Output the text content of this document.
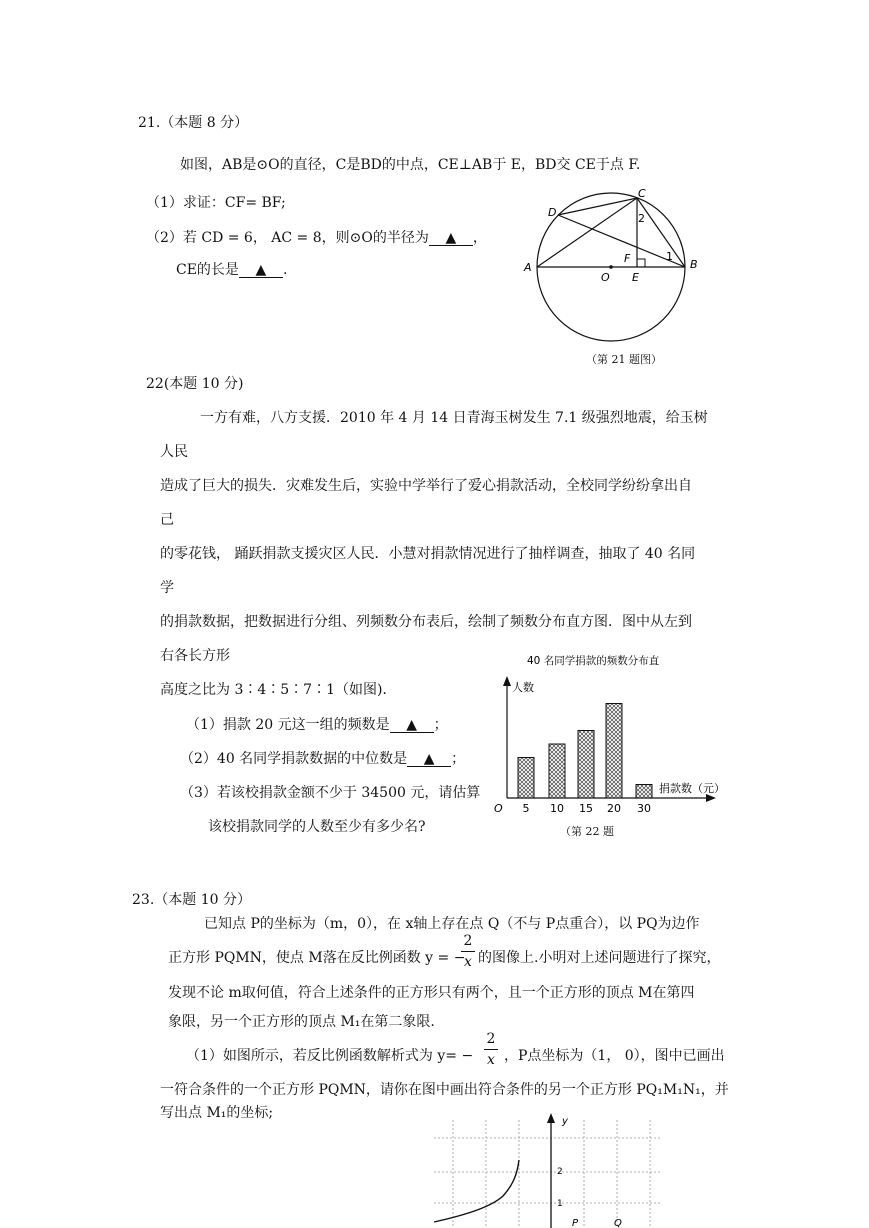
21.（本题 8 分）
如图，AB是⊙O的直径，C是BD的中点，CE⊥AB于 E，BD交 CE于点 F.
（1）求证：CF= BF;
（2）若 CD = 6， AC = 8，则⊙O的半径为 ▲ ，
CE的长是 ▲ .	A	B
C
D
O E
F	1
2
（第 21 题图）
22(本题 10 分)
一方有难，八方支援．2010 年 4 月 14 日青海玉树发生 7.1 级强烈地震，给玉树
人民
造成了巨大的损失．灾难发生后，实验中学举行了爱心捐款活动，全校同学纷纷拿出自
己
的零花钱， 踊跃捐款支援灾区人民．小慧对捐款情况进行了抽样调查，抽取了 40 名同
学
的捐款数据，把数据进行分组、列频数分布表后，绘制了频数分布直方图．图中从左到
右各长方形
高度之比为 3∶4∶5∶7∶1（如图)．
（1）捐款 20 元这一组的频数是 ▲ ；
（2）40 名同学捐款数据的中位数是 ▲ ；
（3）若该校捐款金额不少于 34500 元，请估算
该校捐款同学的人数至少有多少名?
40 名同学捐款的频数分布直
人数
捐款数（元）
O 5 10 15 20 30
（第 22 题
23.（本题 10 分）
已知点 P的坐标为（m，0），在 x轴上存在点 Q（不与 P点重合），以 PQ为边作
正方形 PQMN，使点 M落在反比例函数 y = −
2
x 的图像上.小明对上述问题进行了探究，
发现不论 m取何值，符合上述条件的正方形只有两个，且一个正方形的顶点 M在第四
象限，另一个正方形的顶点 M₁在第二象限.
（1）如图所示，若反比例函数解析式为 y= −
2
x ，P点坐标为（1， 0），图中已画出
一符合条件的一个正方形 PQMN，请你在图中画出符合条件的另一个正方形 PQ₁M₁N₁，并
写出点 M₁的坐标;
y
2
1
P	Q
